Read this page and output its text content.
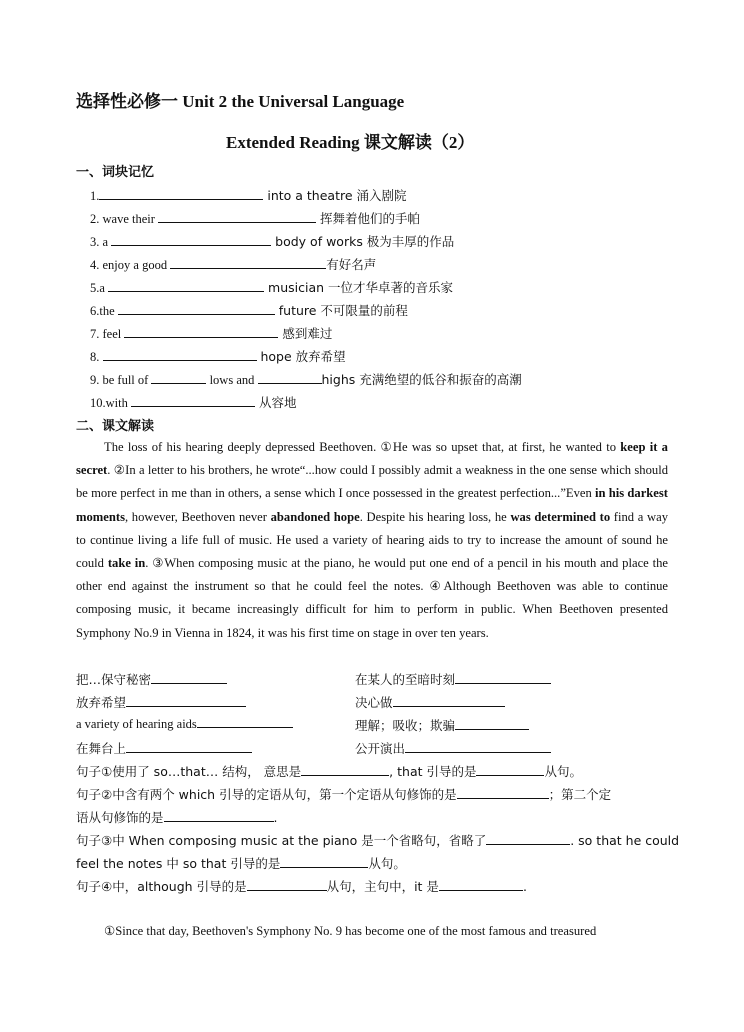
选择性必修一 Unit 2 the Universal Language
Extended Reading 课文解读（2）
一、词块记忆
1.	into a theatre 涌入剧院
2. wave their	挥舞着他们的手帕
3. a	body of works 极为丰厚的作品
4. enjoy a good	有好名声
5.a	musician 一位才华卓著的音乐家
6.the	future 不可限量的前程
7. feel	感到难过
8.	hope 放弃希望
9. be full of	lows and	highs 充满绝望的低谷和振奋的高潮
10.with	从容地
二、课文解读
The loss of his hearing deeply depressed Beethoven. ①He was so upset that, at first, he wanted to keep it a secret. ②In a letter to his brothers, he wrote“...how could I possibly admit a weakness in the one sense which should be more perfect in me than in others, a sense which I once possessed in the greatest perfection...”Even in his darkest moments, however, Beethoven never abandoned hope. Despite his hearing loss, he was determined to find a way to continue living a life full of music. He used a variety of hearing aids to try to increase the amount of sound he could take in. ③When composing music at the piano, he would put one end of a pencil in his mouth and place the other end against the instrument so that he could feel the notes. ④Although Beethoven was able to continue composing music, it became increasingly difficult for him to perform in public. When Beethoven presented Symphony No.9 in Vienna in 1824, it was his first time on stage in over ten years.
把…保守秘密	在某人的至暗时刻
放弃希望	决心做
a variety of hearing aids	理解；吸收；欺骗
在舞台上	公开演出
句子①使用了 so…that… 结构， 意思是	, that 引导的是	从句。
句子②中含有两个 which 引导的定语从句，第一个定语从句修饰的是	；第二个定
语从句修饰的是	.
句子③中 When composing music at the piano 是一个省略句，省略了	. so that he could
feel the notes 中 so that 引导的是	从句。
句子④中，although 引导的是	从句，主句中，it 是	.
①Since that day, Beethoven's Symphony No. 9 has become one of the most famous and treasured
